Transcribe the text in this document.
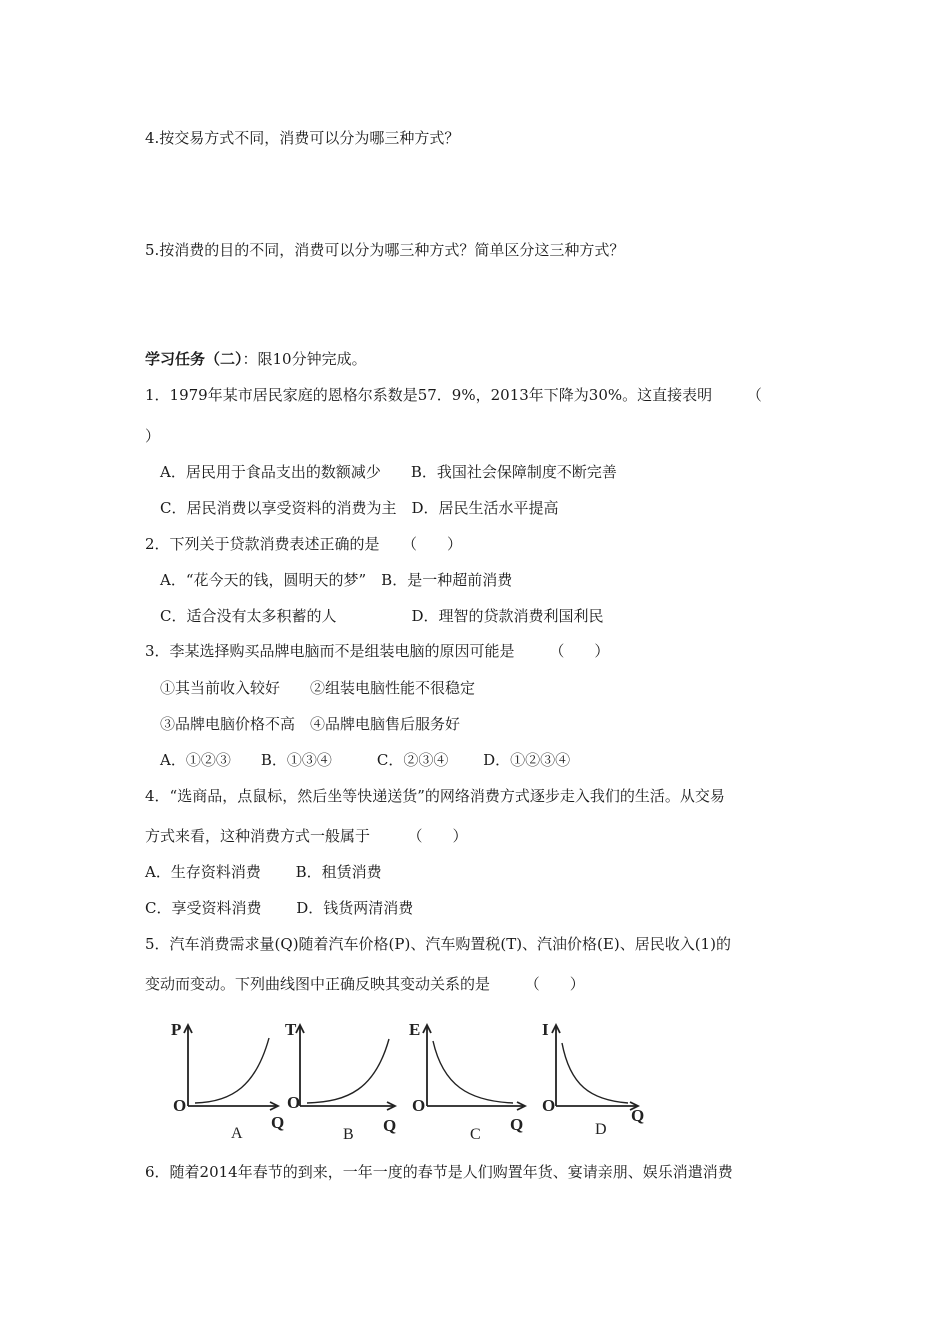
4.按交易方式不同，消费可以分为哪三种方式？
5.按消费的目的不同，消费可以分为哪三种方式？简单区分这三种方式？
学习任务（二）：限10分钟完成。
1．1979年某市居民家庭的恩格尔系数是57．9%，2013年下降为30%。这直接表明　　 （
）
A．居民用于食品支出的数额减少　　B．我国社会保障制度不断完善
C．居民消费以享受资料的消费为主　D．居民生活水平提高
2．下列关于贷款消费表述正确的是　　（　　）
A．“花今天的钱，圆明天的梦”　B．是一种超前消费
C．适合没有太多积蓄的人　　　　　D．理智的贷款消费利国利民
3．李某选择购买品牌电脑而不是组装电脑的原因可能是　　 （　　）
①其当前收入较好　　②组装电脑性能不很稳定
③品牌电脑价格不高　④品牌电脑售后服务好
A．①②③　　B．①③④　　　C．②③④　　 D．①②③④
4．“选商品，点鼠标，然后坐等快递送货”的网络消费方式逐步走入我们的生活。从交易
方式来看，这种消费方式一般属于　　　（　　）
A．生存资料消费　　 B．租赁消费
C．享受资料消费　　 D．钱货两清消费
5．汽车消费需求量(Q)随着汽车价格(P)、汽车购置税(T)、汽油价格(E)、居民收入(1)的
变动而变动。下列曲线图中正确反映其变动关系的是　　 （　　）
P
O
Q
A
T
O
Q
B
E
O
Q
C
I
O
Q
D
6．随着2014年春节的到来，一年一度的春节是人们购置年货、宴请亲朋、娱乐消遣消费
